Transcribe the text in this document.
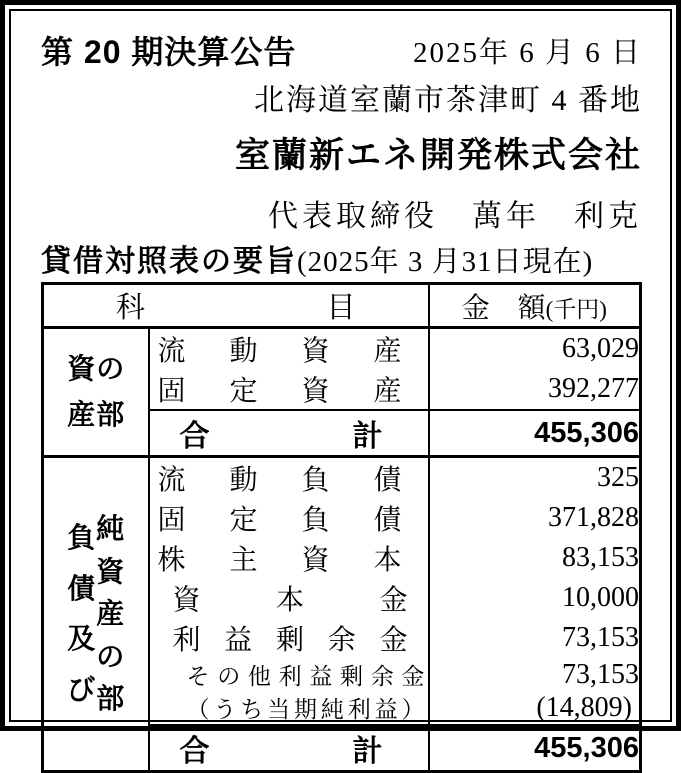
第 20 期決算公告	2025年 6 月 6 日
北海道室蘭市茶津町 4 番地
室蘭新エネ開発株式会社
代表取締役　萬年　利克
貸借対照表の要旨 (2025年 3 月31日現在)
科 目		金　額 (千円)

資
産
の
部

流 動 資 産	63,029

	固 定 資 産	392,277

	合 計	455,306

負
債
及
び
純
資
産
の
部

流 動 負 債	325

	固 定 負 債	371,828

	株 主 資 本	83,153

	資 本 金	10,000

	利 益 剰 余 金	73,153

そ の 他 利 益 剰 余 金	73,153

（ う ち 当 期 純 利 益 ）	(14,809)

	合 計	455,306
